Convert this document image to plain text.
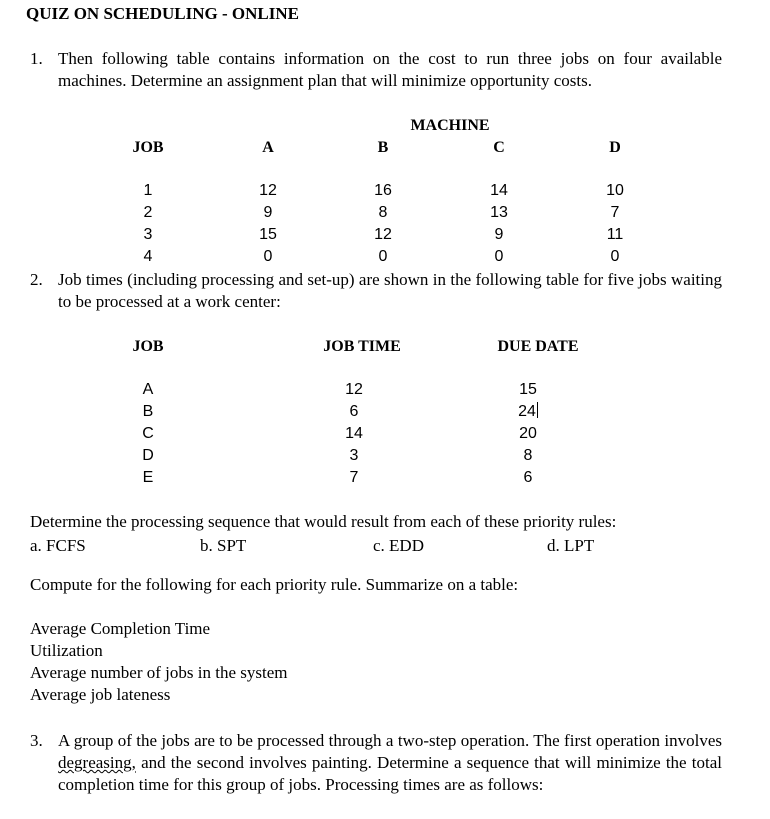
QUIZ ON SCHEDULING - ONLINE
1. Then following table contains information on the cost to run three jobs on four available machines. Determine an assignment plan that will minimize opportunity costs.
MACHINE
JOB	A	B	C	D
1	12	16	14	10
2	9	8	13	7
3	15	12	9	11
4	0	0	0	0
2. Job times (including processing and set-up) are shown in the following table for five jobs waiting to be processed at a work center:
JOB	JOB TIME	DUE DATE
A	12	15
B	6	24
C	14	20
D	3	8
E	7	6
Determine the processing sequence that would result from each of these priority rules:
a. FCFS	b. SPT	c. EDD	d. LPT
Compute for the following for each priority rule. Summarize on a table:
Average Completion Time
Utilization
Average number of jobs in the system
Average job lateness
3. A group of the jobs are to be processed through a two-step operation. The first operation involves degreasing, and the second involves painting. Determine a sequence that will minimize the total completion time for this group of jobs. Processing times are as follows:
